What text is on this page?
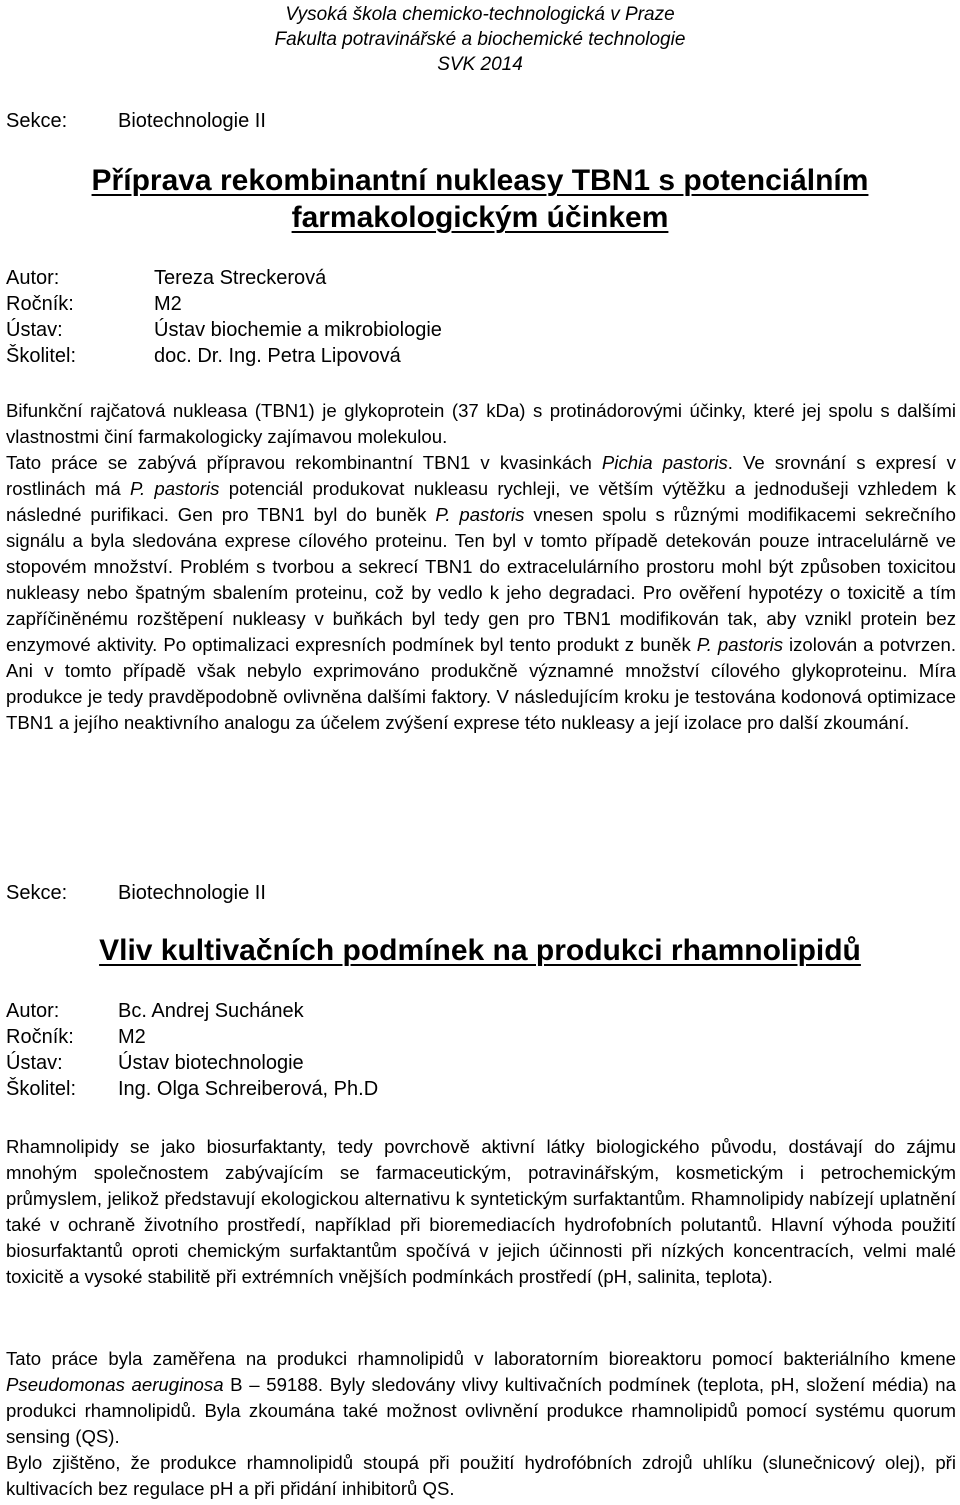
Vysoká škola chemicko-technologická v Praze
Fakulta potravinářské a biochemické technologie
SVK 2014
Sekce:	Biotechnologie II
Příprava rekombinantní nukleasy TBN1 s potenciálním
farmakologickým účinkem
Autor:	Tereza Streckerová
Ročník:	M2
Ústav:	Ústav biochemie a mikrobiologie
Školitel:	doc. Dr. Ing. Petra Lipovová

Bifunkční rajčatová nukleasa (TBN1) je glykoprotein (37 kDa) s protinádorovými účinky, které jej spolu s dalšími vlastnostmi činí farmakologicky zajímavou molekulou.

Tato práce se zabývá přípravou rekombinantní TBN1 v kvasinkách Pichia pastoris. Ve srovnání s expresí v rostlinách má P. pastoris potenciál produkovat nukleasu rychleji, ve větším výtěžku a jednodušeji vzhledem k následné purifikaci. Gen pro TBN1 byl do buněk P. pastoris vnesen spolu s různými modifikacemi sekrečního signálu a byla sledována exprese cílového proteinu. Ten byl v tomto případě detekován pouze intracelulárně ve stopovém množství. Problém s tvorbou a sekrecí TBN1 do extracelulárního prostoru mohl být způsoben toxicitou nukleasy nebo špatným sbalením proteinu, což by vedlo k jeho degradaci. Pro ověření hypotézy o toxicitě a tím zapříčiněnému rozštěpení nukleasy v buňkách byl tedy gen pro TBN1 modifikován tak, aby vznikl protein bez enzymové aktivity. Po optimalizaci expresních podmínek byl tento produkt z buněk P. pastoris izolován a potvrzen. Ani v tomto případě však nebylo exprimováno produkčně významné množství cílového glykoproteinu. Míra produkce je tedy pravděpodobně ovlivněna dalšími faktory. V následujícím kroku je testována kodonová optimizace TBN1 a jejího neaktivního analogu za účelem zvýšení exprese této nukleasy a její izolace pro další zkoumání.

Sekce:	Biotechnologie II
Vliv kultivačních podmínek na produkci rhamnolipidů
Autor:	Bc. Andrej Suchánek
Ročník: M2
Ústav:	Ústav biotechnologie
Školitel: Ing. Olga Schreiberová, Ph.D

Rhamnolipidy se jako biosurfaktanty, tedy povrchově aktivní látky biologického původu, dostávají do zájmu mnohým společnostem zabývajícím se farmaceutickým, potravinářským, kosmetickým i petrochemickým průmyslem, jelikož představují ekologickou alternativu k syntetickým surfaktantům. Rhamnolipidy nabízejí uplatnění také v ochraně životního prostředí, například při bioremediacích hydrofobních polutantů. Hlavní výhoda použití biosurfaktantů oproti chemickým surfaktantům spočívá v jejich účinnosti při nízkých koncentracích, velmi malé toxicitě a vysoké stabilitě při extrémních vnějších podmínkách prostředí (pH, salinita, teplota).

Tato práce byla zaměřena na produkci rhamnolipidů v laboratorním bioreaktoru pomocí bakteriálního kmene Pseudomonas aeruginosa B – 59188. Byly sledovány vlivy kultivačních podmínek (teplota, pH, složení média) na produkci rhamnolipidů. Byla zkoumána také možnost ovlivnění produkce rhamnolipidů pomocí systému quorum sensing (QS).

Bylo zjištěno, že produkce rhamnolipidů stoupá při použití hydrofóbních zdrojů uhlíku (slunečnicový olej), při kultivacích bez regulace pH a při přidání inhibitorů QS.
